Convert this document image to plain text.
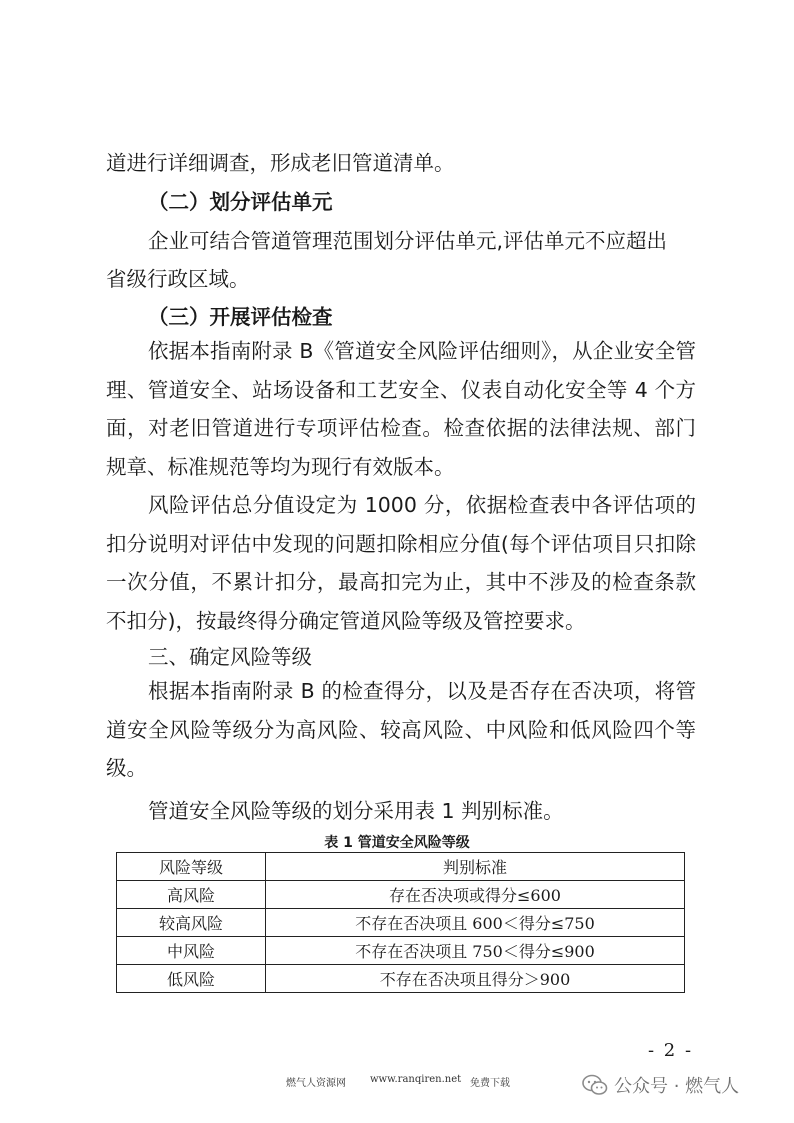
道进行详细调查，形成老旧管道清单。

（二）划分评估单元

企业可结合管道管理范围划分评估单元,评估单元不应超出

省级行政区域。

（三）开展评估检查

依据本指南附录 B《管道安全风险评估细则》，从企业安全管理、管道安全、站场设备和工艺安全、仪表自动化安全等 4 个方面，对老旧管道进行专项评估检查。检查依据的法律法规、部门规章、标准规范等均为现行有效版本。

风险评估总分值设定为 1000 分，依据检查表中各评估项的扣分说明对评估中发现的问题扣除相应分值(每个评估项目只扣除一次分值，不累计扣分，最高扣完为止，其中不涉及的检查条款不扣分)，按最终得分确定管道风险等级及管控要求。

三、确定风险等级

根据本指南附录 B 的检查得分，以及是否存在否决项，将管道安全风险等级分为高风险、较高风险、中风险和低风险四个等级。

管道安全风险等级的划分采用表 1 判别标准。

表 1 管道安全风险等级
风险等级	判别标准
高风险	存在否决项或得分≤600
较高风险	不存在否决项且 600＜得分≤750
中风险	不存在否决项且 750＜得分≤900
低风险	不存在否决项且得分＞900
- 2 -
燃气人资源网 www.ranqiren.net 免费下载	公众号 · 燃气人
